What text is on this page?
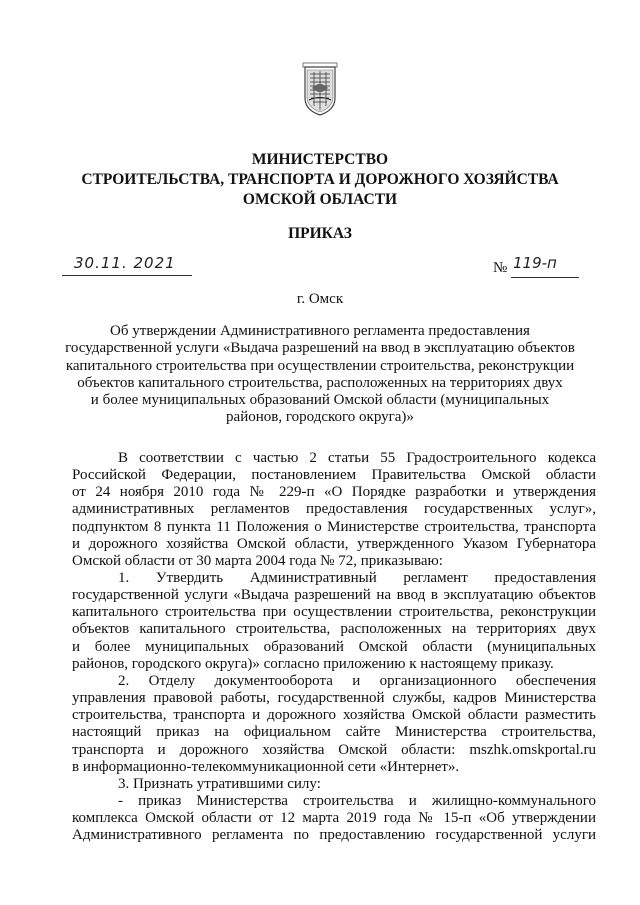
МИНИСТЕРСТВО
СТРОИТЕЛЬСТВА, ТРАНСПОРТА И ДОРОЖНОГО ХОЗЯЙСТВА
ОМСКОЙ ОБЛАСТИ
ПРИКАЗ
30.11. 2021	№ 119-п
г. Омск
Об утверждении Административного регламента предоставления
государственной услуги «Выдача разрешений на ввод в эксплуатацию объектов
капитального строительства при осуществлении строительства, реконструкции
объектов капитального строительства, расположенных на территориях двух
и более муниципальных образований Омской области (муниципальных
районов, городского округа)»
В соответствии с частью 2 статьи 55 Градостроительного кодекса
Российской Федерации, постановлением Правительства Омской области
от 24 ноября 2010 года № 229-п «О Порядке разработки и утверждения
административных регламентов предоставления государственных услуг»,
подпунктом 8 пункта 11 Положения о Министерстве строительства, транспорта
и дорожного хозяйства Омской области, утвержденного Указом Губернатора
Омской области от 30 марта 2004 года № 72, приказываю:
1. Утвердить Административный регламент предоставления
государственной услуги «Выдача разрешений на ввод в эксплуатацию объектов
капитального строительства при осуществлении строительства, реконструкции
объектов капитального строительства, расположенных на территориях двух
и более муниципальных образований Омской области (муниципальных
районов, городского округа)» согласно приложению к настоящему приказу.
2. Отделу документооборота и организационного обеспечения
управления правовой работы, государственной службы, кадров Министерства
строительства, транспорта и дорожного хозяйства Омской области разместить
настоящий приказ на официальном сайте Министерства строительства,
транспорта и дорожного хозяйства Омской области: mszhk.omskportal.ru
в информационно-телекоммуникационной сети «Интернет».
3. Признать утратившими силу:
- приказ Министерства строительства и жилищно-коммунального
комплекса Омской области от 12 марта 2019 года № 15-п «Об утверждении
Административного регламента по предоставлению государственной услуги
